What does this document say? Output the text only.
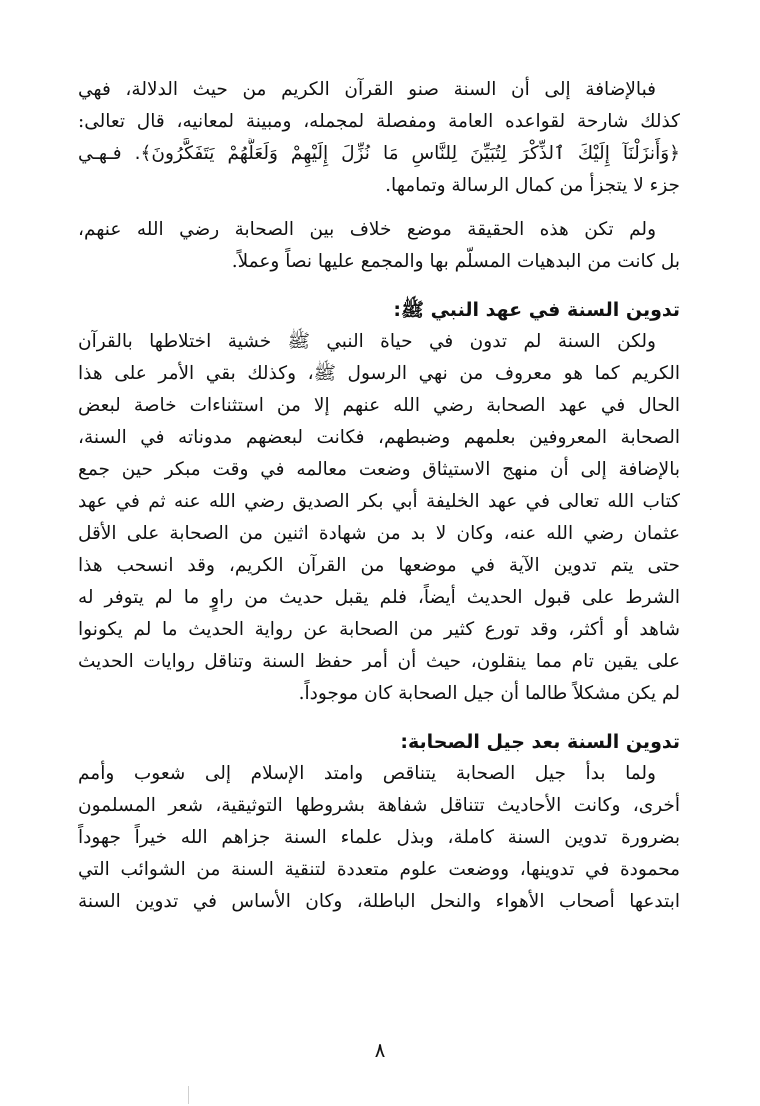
فبالإضافة إلى أن السنة صنو القرآن الكريم من حيث الدلالة، فهي
كذلك شارحة لقواعده العامة ومفصلة لمجمله، ومبينة لمعانيه، قال تعالى:
﴿وَأَنزَلْنَآ إِلَيْكَ ٱلذِّكْرَ لِتُبَيِّنَ لِلنَّاسِ مَا نُزِّلَ إِلَيْهِمْ وَلَعَلَّهُمْ يَتَفَكَّرُونَ﴾. فـهـي
جزء لا يتجزأ من كمال الرسالة وتمامها.

ولم تكن هذه الحقيقة موضع خلاف بين الصحابة رضي الله عنهم،
بل كانت من البدهيات المسلّم بها والمجمع عليها نصاً وعملاً.

تدوين السنة في عهد النبي ﷺ:

ولكن السنة لم تدون في حياة النبي ﷺ خشية اختلاطها بالقرآن
الكريم كما هو معروف من نهي الرسول ﷺ، وكذلك بقي الأمر على هذا
الحال في عهد الصحابة رضي الله عنهم إلا من استثناءات خاصة لبعض
الصحابة المعروفين بعلمهم وضبطهم، فكانت لبعضهم مدوناته في السنة،
بالإضافة إلى أن منهج الاستيثاق وضعت معالمه في وقت مبكر حين جمع
كتاب الله تعالى في عهد الخليفة أبي بكر الصديق رضي الله عنه ثم في عهد
عثمان رضي الله عنه، وكان لا بد من شهادة اثنين من الصحابة على الأقل
حتى يتم تدوين الآية في موضعها من القرآن الكريم، وقد انسحب هذا
الشرط على قبول الحديث أيضاً، فلم يقبل حديث من راوٍ ما لم يتوفر له
شاهد أو أكثر، وقد تورع كثير من الصحابة عن رواية الحديث ما لم يكونوا
على يقين تام مما ينقلون، حيث أن أمر حفظ السنة وتناقل روايات الحديث
لم يكن مشكلاً طالما أن جيل الصحابة كان موجوداً.

تدوين السنة بعد جيل الصحابة:

ولما بدأ جيل الصحابة يتناقص وامتد الإسلام إلى شعوب وأمم
أخرى، وكانت الأحاديث تتناقل شفاهة بشروطها التوثيقية، شعر المسلمون
بضرورة تدوين السنة كاملة، وبذل علماء السنة جزاهم الله خيراً جهوداً
محمودة في تدوينها، ووضعت علوم متعددة لتنقية السنة من الشوائب التي
ابتدعها أصحاب الأهواء والنحل الباطلة، وكان الأساس في تدوين السنة

٨
